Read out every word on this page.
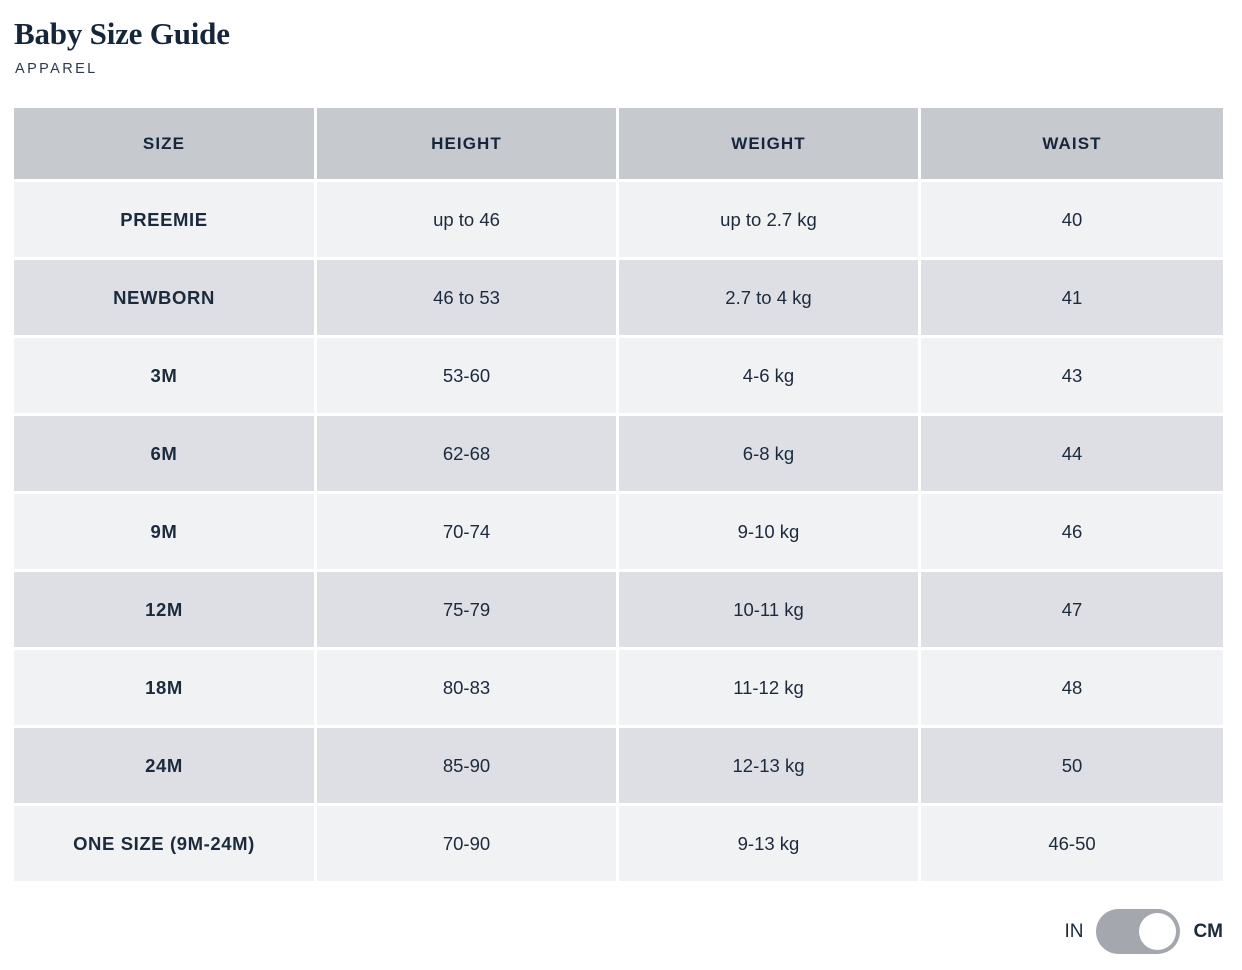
Baby Size Guide
APPAREL
SIZE	HEIGHT	WEIGHT	WAIST
PREEMIE	up to 46	up to 2.7 kg	40
NEWBORN	46 to 53	2.7 to 4 kg	41
3M	53-60	4-6 kg	43
6M	62-68	6-8 kg	44
9M	70-74	9-10 kg	46
12M	75-79	10-11 kg	47
18M	80-83	11-12 kg	48
24M	85-90	12-13 kg	50
ONE SIZE (9M-24M)	70-90	9-13 kg	46-50
IN	CM
